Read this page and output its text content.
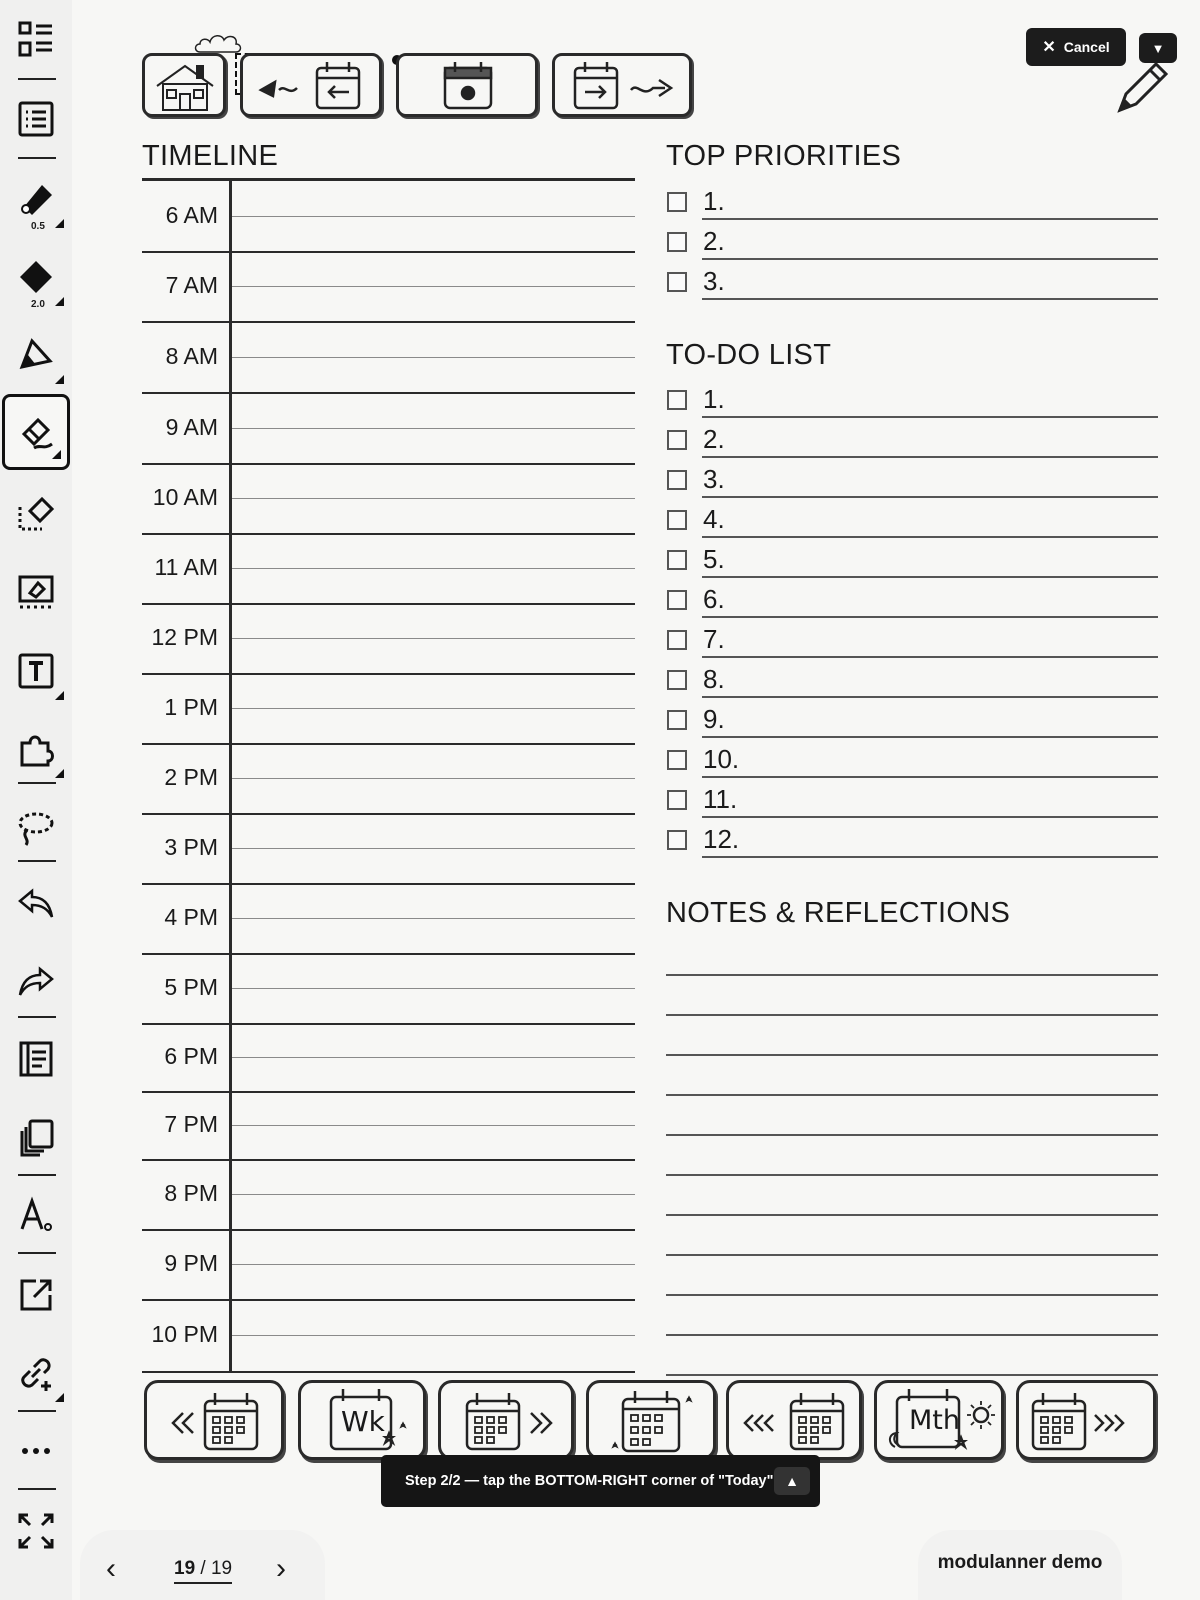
0.5
2.0
✕ Cancel	▼
TIMELINE
6 AM
7 AM
8 AM
9 AM
10 AM
11 AM
12 PM
1 PM
2 PM
3 PM
4 PM
5 PM
6 PM
7 PM
8 PM
9 PM
10 PM
TOP PRIORITIES
1.
2.
3.
TO-DO LIST
1.
2.
3.
4.
5.
6.
7.
8.
9.
10.
11.
12.
NOTES & REFLECTIONS
Wk	Mth
Step 2/2 — tap the BOTTOM-RIGHT corner of "Today" ▲
‹	19 / 19 ›	modulanner demo
